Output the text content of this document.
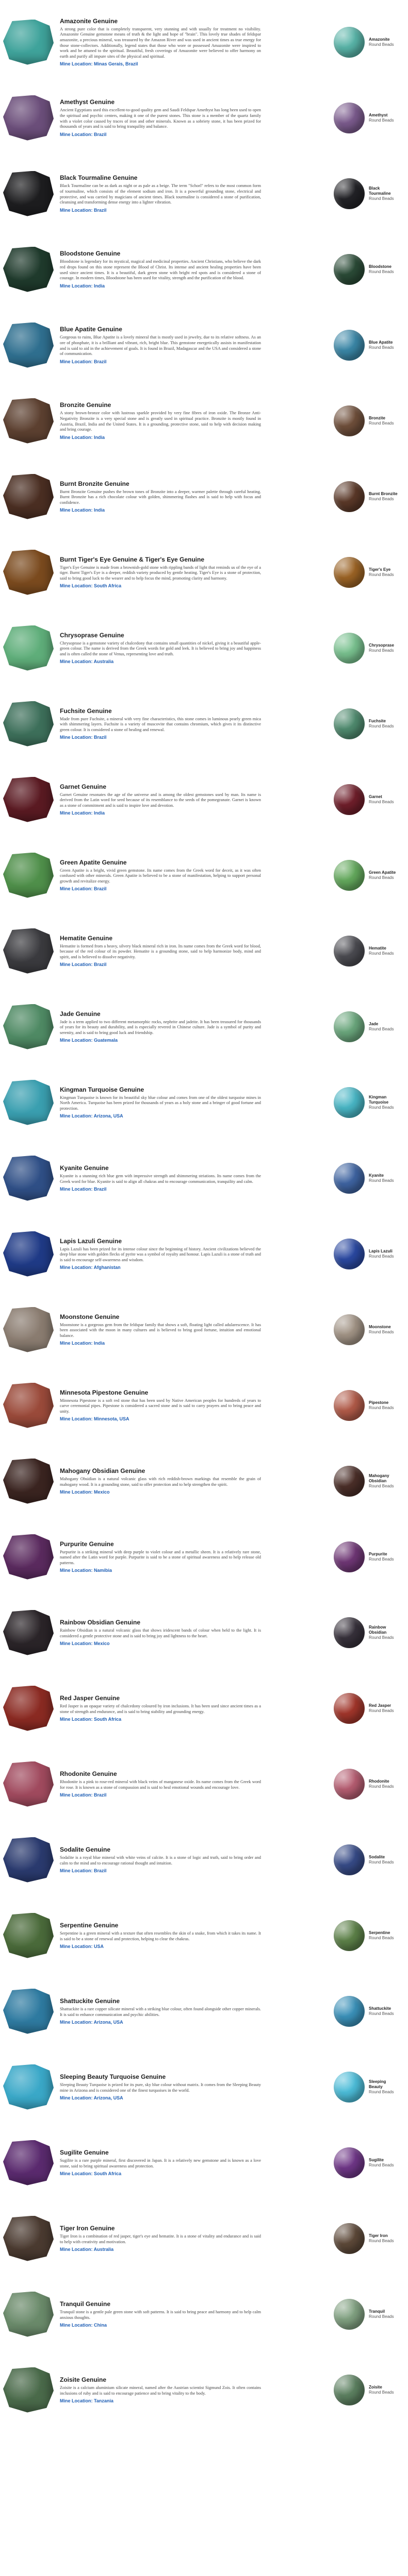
Amazonite Genuine
A strong pure color that is completely transparent, very stunning and with usually for treatment no visibility. Amazonite Genuine gemstone means of truth & the light and hope of "brain". This lovely true shades of feldspar amazonite, a precious mineral, was treasured by the Amazon River and was used in ancient times as true energy for those stone-collectors. Additionally, legend states that those who wore or possessed Amazonite were inspired to work and be attuned to the spiritual. Beautiful, fresh coverings of Amazonite were believed to offer harmony on earth and purify all impure sites of the physical and spiritual.
Mine Location: Minas Gerais, Brazil
Amazonite
Round Beads
Amethyst Genuine
Ancient Egyptians used this excellent-to-good quality gem and Saudi Feldspar Amethyst has long been used to open the spiritual and psychic centers, making it one of the purest stones. This stone is a member of the quartz family with a violet color caused by traces of iron and other minerals. Known as a sobriety stone, it has been prized for thousands of years and is said to bring tranquility and balance.
Mine Location: Brazil
Amethyst
Round Beads
Black Tourmaline Genuine
Black Tourmaline can be as dark as night or as pale as a beige. The term "Schorl" refers to the most common form of tourmaline, which consists of the element sodium and iron. It is a powerful grounding stone, electrical and protective, and was carried by magicians of ancient times. Black tourmaline is considered a stone of purification, cleansing and transforming dense energy into a lighter vibration.
Mine Location: Brazil
Black Tourmaline
Round Beads
Bloodstone Genuine
Bloodstone is legendary for its mystical, magical and medicinal properties. Ancient Christians, who believe the dark red drops found on this stone represent the Blood of Christ. Its intense and ancient healing properties have been used since ancient times. It is a beautiful, dark green stone with bright red spots and is considered a stone of courage. In modern times, Bloodstone has been used for vitality, strength and the purification of the blood.
Mine Location: India
Bloodstone
Round Beads
Blue Apatite Genuine
Gorgeous to ruins, Blue Apatite is a lovely mineral that is mostly used in jewelry, due to its relative softness. As an ore of phosphate, it is a brilliant and vibrant, rich, bright blue. This gemstone energetically assists in manifestation and is said to aid in the achievement of goals. It is found in Brazil, Madagascar and the USA and considered a stone of communication.
Mine Location: Brazil
Blue Apatite
Round Beads
Bronzite Genuine
A stony brown-bronze color with lustrous sparkle provided by very fine fibres of iron oxide. The Bronze Anti-Negativity Bronzite is a very special stone and is greatly used in spiritual practice. Bronzite is mostly found in Austria, Brazil, India and the United States. It is a grounding, protective stone, said to help with decision making and bring courage.
Mine Location: India
Bronzite
Round Beads
Burnt Bronzite Genuine
Burnt Bronzite Genuine pushes the brown tones of Bronzite into a deeper, warmer palette through careful heating. Burnt Bronzite has a rich chocolate colour with golden, shimmering flashes and is said to help with focus and confidence.
Mine Location: India
Burnt Bronzite
Round Beads
Burnt Tiger's Eye Genuine & Tiger's Eye Genuine
Tiger's Eye Genuine is made from a brownish-gold stone with rippling bands of light that reminds us of the eye of a tiger. Burnt Tiger's Eye is a deeper, reddish variety produced by gentle heating. Tiger's Eye is a stone of protection, said to bring good luck to the wearer and to help focus the mind, promoting clarity and harmony.
Mine Location: South Africa
Tiger's Eye
Round Beads
Chrysoprase Genuine
Chrysoprase is a gemstone variety of chalcedony that contains small quantities of nickel, giving it a beautiful apple-green colour. The name is derived from the Greek words for gold and leek. It is believed to bring joy and happiness and is often called the stone of Venus, representing love and truth.
Mine Location: Australia
Chrysoprase
Round Beads
Fuchsite Genuine
Made from pure Fuchsite, a mineral with very fine characteristics, this stone comes in luminous pearly green mica with shimmering layers. Fuchsite is a variety of muscovite that contains chromium, which gives it its distinctive green colour. It is considered a stone of healing and renewal.
Mine Location: Brazil
Fuchsite
Round Beads
Garnet Genuine
Garnet Genuine resonates the age of the universe and is among the oldest gemstones used by man. Its name is derived from the Latin word for seed because of its resemblance to the seeds of the pomegranate. Garnet is known as a stone of commitment and is said to inspire love and devotion.
Mine Location: India
Garnet
Round Beads
Green Apatite Genuine
Green Apatite is a bright, vivid green gemstone. Its name comes from the Greek word for deceit, as it was often confused with other minerals. Green Apatite is believed to be a stone of manifestation, helping to support personal growth and revitalize energy.
Mine Location: Brazil
Green Apatite
Round Beads
Hematite Genuine
Hematite is formed from a heavy, silvery black mineral rich in iron. Its name comes from the Greek word for blood, because of the red colour of its powder. Hematite is a grounding stone, said to help harmonize body, mind and spirit, and is believed to dissolve negativity.
Mine Location: Brazil
Hematite
Round Beads
Jade Genuine
Jade is a term applied to two different metamorphic rocks, nephrite and jadeite. It has been treasured for thousands of years for its beauty and durability, and is especially revered in Chinese culture. Jade is a symbol of purity and serenity, and is said to bring good luck and friendship.
Mine Location: Guatemala
Jade
Round Beads
Kingman Turquoise Genuine
Kingman Turquoise is known for its beautiful sky blue colour and comes from one of the oldest turquoise mines in North America. Turquoise has been prized for thousands of years as a holy stone and a bringer of good fortune and protection.
Mine Location: Arizona, USA
Kingman Turquoise
Round Beads
Kyanite Genuine
Kyanite is a stunning rich blue gem with impressive strength and shimmering striations. Its name comes from the Greek word for blue. Kyanite is said to align all chakras and to encourage communication, tranquility and calm.
Mine Location: Brazil
Kyanite
Round Beads
Lapis Lazuli Genuine
Lapis Lazuli has been prized for its intense colour since the beginning of history. Ancient civilizations believed the deep blue stone with golden flecks of pyrite was a symbol of royalty and honour. Lapis Lazuli is a stone of truth and is said to encourage self-awareness and wisdom.
Mine Location: Afghanistan
Lapis Lazuli
Round Beads
Moonstone Genuine
Moonstone is a gorgeous gem from the feldspar family that shows a soft, floating light called adularescence. It has been associated with the moon in many cultures and is believed to bring good fortune, intuition and emotional balance.
Mine Location: India
Moonstone
Round Beads
Minnesota Pipestone Genuine
Minnesota Pipestone is a soft red stone that has been used by Native American peoples for hundreds of years to carve ceremonial pipes. Pipestone is considered a sacred stone and is said to carry prayers and to bring peace and unity.
Mine Location: Minnesota, USA
Pipestone
Round Beads
Mahogany Obsidian Genuine
Mahogany Obsidian is a natural volcanic glass with rich reddish-brown markings that resemble the grain of mahogany wood. It is a grounding stone, said to offer protection and to help strengthen the spirit.
Mine Location: Mexico
Mahogany Obsidian
Round Beads
Purpurite Genuine
Purpurite is a striking mineral with deep purple to violet colour and a metallic sheen. It is a relatively rare stone, named after the Latin word for purple. Purpurite is said to be a stone of spiritual awareness and to help release old patterns.
Mine Location: Namibia
Purpurite
Round Beads
Rainbow Obsidian Genuine
Rainbow Obsidian is a natural volcanic glass that shows iridescent bands of colour when held to the light. It is considered a gentle protective stone and is said to bring joy and lightness to the heart.
Mine Location: Mexico
Rainbow Obsidian
Round Beads
Red Jasper Genuine
Red Jasper is an opaque variety of chalcedony coloured by iron inclusions. It has been used since ancient times as a stone of strength and endurance, and is said to bring stability and grounding energy.
Mine Location: South Africa
Red Jasper
Round Beads
Rhodonite Genuine
Rhodonite is a pink to rose-red mineral with black veins of manganese oxide. Its name comes from the Greek word for rose. It is known as a stone of compassion and is said to heal emotional wounds and encourage love.
Mine Location: Brazil
Rhodonite
Round Beads
Sodalite Genuine
Sodalite is a royal blue mineral with white veins of calcite. It is a stone of logic and truth, said to bring order and calm to the mind and to encourage rational thought and intuition.
Mine Location: Brazil
Sodalite
Round Beads
Serpentine Genuine
Serpentine is a green mineral with a texture that often resembles the skin of a snake, from which it takes its name. It is said to be a stone of renewal and protection, helping to clear the chakras.
Mine Location: USA
Serpentine
Round Beads
Shattuckite Genuine
Shattuckite is a rare copper silicate mineral with a striking blue colour, often found alongside other copper minerals. It is said to enhance communication and psychic abilities.
Mine Location: Arizona, USA
Shattuckite
Round Beads
Sleeping Beauty Turquoise Genuine
Sleeping Beauty Turquoise is prized for its pure, sky blue colour without matrix. It comes from the Sleeping Beauty mine in Arizona and is considered one of the finest turquoises in the world.
Mine Location: Arizona, USA
Sleeping Beauty
Round Beads
Sugilite Genuine
Sugilite is a rare purple mineral, first discovered in Japan. It is a relatively new gemstone and is known as a love stone, said to bring spiritual awareness and protection.
Mine Location: South Africa
Sugilite
Round Beads
Tiger Iron Genuine
Tiger Iron is a combination of red jasper, tiger's eye and hematite. It is a stone of vitality and endurance and is said to help with creativity and motivation.
Mine Location: Australia
Tiger Iron
Round Beads
Tranquil Genuine
Tranquil stone is a gentle pale green stone with soft patterns. It is said to bring peace and harmony and to help calm anxious thoughts.
Mine Location: China
Tranquil
Round Beads
Zoisite Genuine
Zoisite is a calcium aluminium silicate mineral, named after the Austrian scientist Sigmund Zois. It often contains inclusions of ruby and is said to encourage patience and to bring vitality to the body.
Mine Location: Tanzania
Zoisite
Round Beads
